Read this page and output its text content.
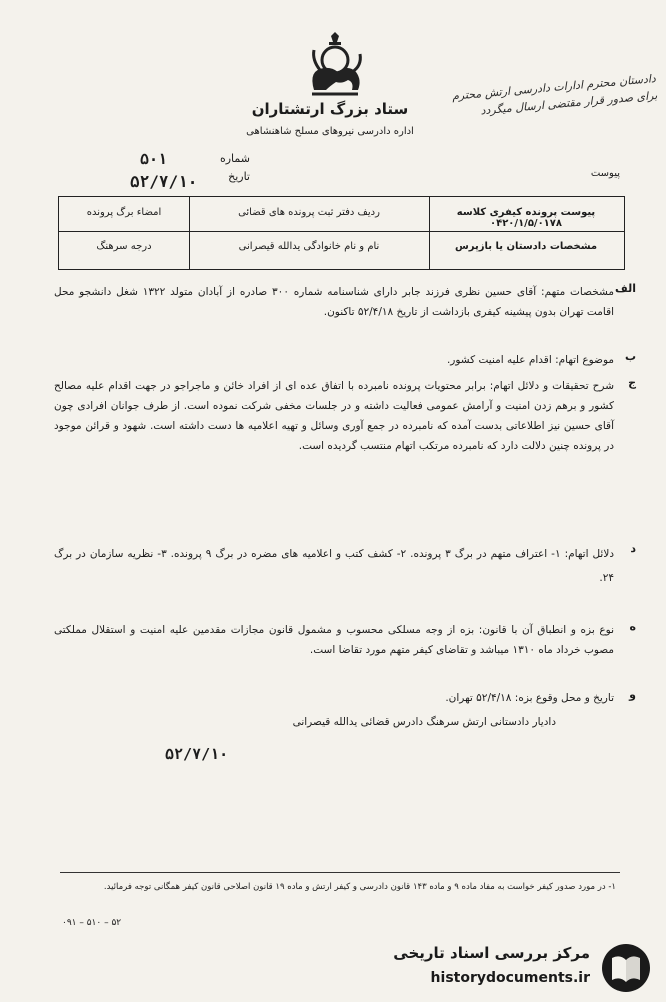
ستاد بزرگ ارتشتاران
اداره دادرسی نیروهای مسلح شاهنشاهی
دادستان محترم ادارات دادرسی ارتش محترم برای صدور قرار مقتضی ارسال میگردد
شماره
۵۰۱
تاریخ
۵۲/۷/۱۰	پیوست
پیوست پرونده کیفری کلاسه ۰۴۲۰/۱/۵/۰۱۷۸
مشخصات دادستان یا بازپرس
ردیف دفتر ثبت پرونده های قضائی
نام و نام خانوادگی یدالله قیصرانی
امضاء برگ پرونده
درجه سرهنگ
الف
مشخصات متهم: آقای حسین نظری فرزند جابر دارای شناسنامه شماره ۳۰۰ صادره از آبادان متولد ۱۳۲۲ شغل دانشجو محل اقامت تهران بدون پیشینه کیفری بازداشت از تاریخ ۵۲/۴/۱۸ تاکنون.
ب
موضوع اتهام: اقدام علیه امنیت کشور.
ج
شرح تحقیقات و دلائل اتهام: برابر محتویات پرونده نامبرده با اتفاق عده ای از افراد خائن و ماجراجو در جهت اقدام علیه مصالح کشور و برهم زدن امنیت و آرامش عمومی فعالیت داشته و در جلسات مخفی شرکت نموده است. از طرف جوانان افرادی چون آقای حسین نیز اطلاعاتی بدست آمده که نامبرده در جمع آوری وسائل و تهیه اعلامیه ها دست داشته است. شهود و قرائن موجود در پرونده چنین دلالت دارد که نامبرده مرتکب اتهام منتسب گردیده است.
د
دلائل اتهام: ۱- اعتراف متهم در برگ ۳ پرونده. ۲- کشف کتب و اعلامیه های مضره در برگ ۹ پرونده. ۳- نظریه سازمان در برگ ۲۴.
ه
نوع بزه و انطباق آن با قانون: بزه از وجه مسلکی محسوب و مشمول قانون مجازات مقدمین علیه امنیت و استقلال مملکتی مصوب خرداد ماه ۱۳۱۰ میباشد و تقاضای کیفر متهم مورد تقاضا است.
و
تاریخ و محل وقوع بزه: ۵۲/۴/۱۸ تهران.
دادیار دادستانی ارتش سرهنگ دادرس قضائی یدالله قیصرانی
۵۲/۷/۱۰
۱- در مورد صدور کیفر خواست به مفاد ماده ۹ و ماده ۱۴۳ قانون دادرسی و کیفر ارتش و ماده ۱۹ قانون اصلاحی قانون کیفر همگانی توجه فرمائید.
۰۹۱ – ۵۱۰ – ۵۲
مرکز بررسی اسناد تاریخی
historydocuments.ir
